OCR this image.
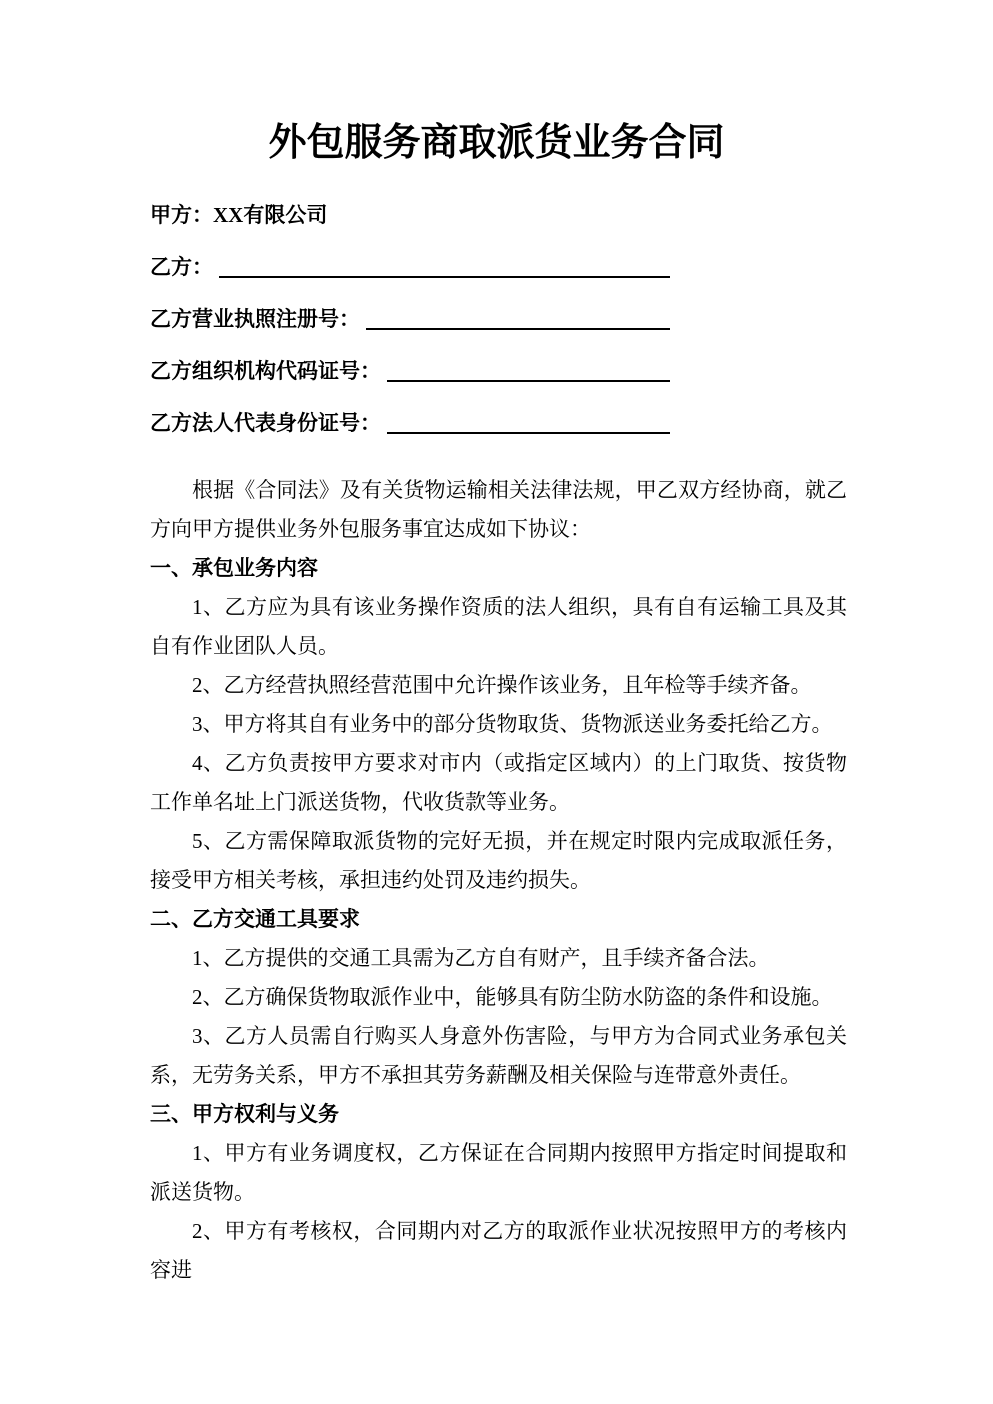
外包服务商取派货业务合同
甲方： XX有限公司
乙方：
乙方营业执照注册号：
乙方组织机构代码证号：
乙方法人代表身份证号：

根据《合同法》及有关货物运输相关法律法规，甲乙双方经协商，就乙方向甲方提供业务外包服务事宜达成如下协议：

一、承包业务内容

1、乙方应为具有该业务操作资质的法人组织，具有自有运输工具及其自有作业团队人员。

2、乙方经营执照经营范围中允许操作该业务，且年检等手续齐备。

3、甲方将其自有业务中的部分货物取货、货物派送业务委托给乙方。

4、乙方负责按甲方要求对市内（或指定区域内）的上门取货、按货物工作单名址上门派送货物，代收货款等业务。

5、乙方需保障取派货物的完好无损，并在规定时限内完成取派任务，接受甲方相关考核，承担违约处罚及违约损失。

二、乙方交通工具要求

1、乙方提供的交通工具需为乙方自有财产，且手续齐备合法。

2、乙方确保货物取派作业中，能够具有防尘防水防盗的条件和设施。

3、乙方人员需自行购买人身意外伤害险，与甲方为合同式业务承包关系，无劳务关系，甲方不承担其劳务薪酬及相关保险与连带意外责任。

三、甲方权利与义务

1、甲方有业务调度权，乙方保证在合同期内按照甲方指定时间提取和派送货物。

2、甲方有考核权，合同期内对乙方的取派作业状况按照甲方的考核内容进
